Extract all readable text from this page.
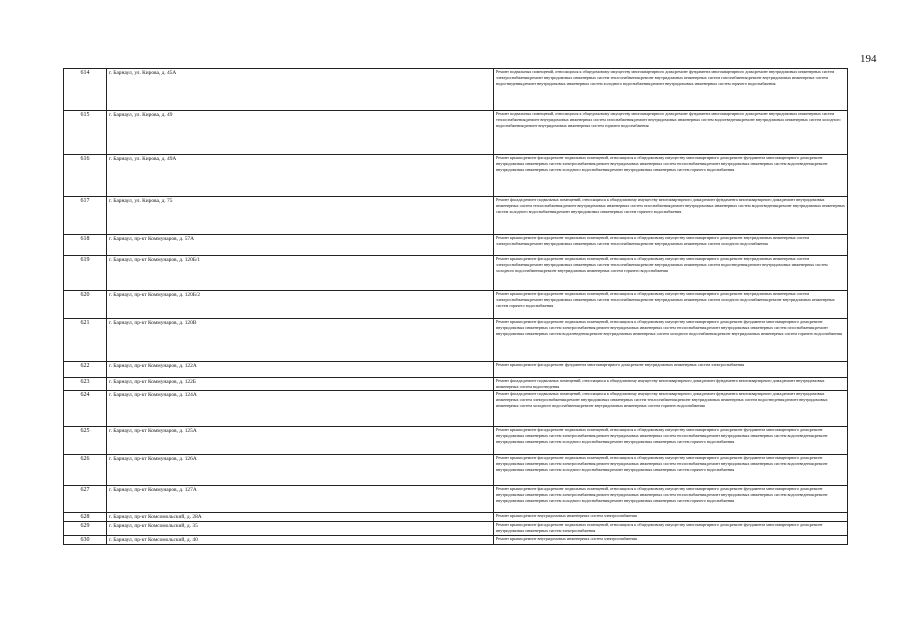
194
614	г. Барнаул, ул. Кирова, д. 45А	Ремонт подвальных помещений, относящихся к общедомовому имуществу многоквартирного дома;ремонт фундамента многоквартирного дома;ремонт внутридомовых инженерных систем электроснабжения;ремонт внутридомовых инженерных систем теплоснабжения;ремонт внутридомовых инженерных систем газоснабжения;ремонт внутридомовых инженерных систем водоотведения;ремонт внутридомовых инженерных систем холодного водоснабжения;ремонт внутридомовых инженерных систем горячего водоснабжения
615	г. Барнаул, ул. Кирова, д. 49	Ремонт подвальных помещений, относящихся к общедомовому имуществу многоквартирного дома;ремонт фундамента многоквартирного дома;ремонт внутридомовых инженерных систем теплоснабжения;ремонт внутридомовых инженерных систем газоснабжения;ремонт внутридомовых инженерных систем водоотведения;ремонт внутридомовых инженерных систем холодного водоснабжения;ремонт внутридомовых инженерных систем горячего водоснабжения
616	г. Барнаул, ул. Кирова, д. 49А	Ремонт крыши;ремонт фасада;ремонт подвальных помещений, относящихся к общедомовому имуществу многоквартирного дома;ремонт фундамента многоквартирного дома;ремонт внутридомовых инженерных систем электроснабжения;ремонт внутридомовых инженерных систем теплоснабжения;ремонт внутридомовых инженерных систем водоотведения;ремонт внутридомовых инженерных систем холодного водоснабжения;ремонт внутридомовых инженерных систем горячего водоснабжения
617	г. Барнаул, ул. Кирова, д. 75	Ремонт фасада;ремонт подвальных помещений, относящихся к общедомовому имуществу многоквартирного дома;ремонт фундамента многоквартирного дома;ремонт внутридомовых инженерных систем теплоснабжения;ремонт внутридомовых инженерных систем газоснабжения;ремонт внутридомовых инженерных систем водоотведения;ремонт внутридомовых инженерных систем холодного водоснабжения;ремонт внутридомовых инженерных систем горячего водоснабжения
618	г. Барнаул, пр-кт Коммунаров, д. 57А	Ремонт крыши;ремонт фасада;ремонт подвальных помещений, относящихся к общедомовому имуществу многоквартирного дома;ремонт внутридомовых инженерных систем электроснабжения;ремонт внутридомовых инженерных систем теплоснабжения;ремонт внутридомовых инженерных систем холодного водоснабжения
619	г. Барнаул, пр-кт Коммунаров, д. 120Б/1	Ремонт крыши;ремонт фасада;ремонт подвальных помещений, относящихся к общедомовому имуществу многоквартирного дома;ремонт внутридомовых инженерных систем электроснабжения;ремонт внутридомовых инженерных систем теплоснабжения;ремонт внутридомовых инженерных систем водоотведения;ремонт внутридомовых инженерных систем холодного водоснабжения;ремонт внутридомовых инженерных систем горячего водоснабжения
620	г. Барнаул, пр-кт Коммунаров, д. 120Б/2	Ремонт крыши;ремонт фасада;ремонт подвальных помещений, относящихся к общедомовому имуществу многоквартирного дома;ремонт внутридомовых инженерных систем электроснабжения;ремонт внутридомовых инженерных систем теплоснабжения;ремонт внутридомовых инженерных систем холодного водоснабжения;ремонт внутридомовых инженерных систем горячего водоснабжения
621	г. Барнаул, пр-кт Коммунаров, д. 120В	Ремонт крыши;ремонт фасада;ремонт подвальных помещений, относящихся к общедомовому имуществу многоквартирного дома;ремонт фундамента многоквартирного дома;ремонт внутридомовых инженерных систем электроснабжения;ремонт внутридомовых инженерных систем теплоснабжения;ремонт внутридомовых инженерных систем газоснабжения;ремонт внутридомовых инженерных систем водоотведения;ремонт внутридомовых инженерных систем холодного водоснабжения;ремонт внутридомовых инженерных систем горячего водоснабжения
622	г. Барнаул, пр-кт Коммунаров, д. 122А	Ремонт крыши;ремонт фасада;ремонт фундамента многоквартирного дома;ремонт внутридомовых инженерных систем электроснабжения
623	г. Барнаул, пр-кт Коммунаров, д. 122Б	Ремонт фасада;ремонт подвальных помещений, относящихся к общедомовому имуществу многоквартирного дома;ремонт фундамента многоквартирного дома;ремонт внутридомовых инженерных систем водоотведения
624	г. Барнаул, пр-кт Коммунаров, д. 124А	Ремонт фасада;ремонт подвальных помещений, относящихся к общедомовому имуществу многоквартирного дома;ремонт фундамента многоквартирного дома;ремонт внутридомовых инженерных систем электроснабжения;ремонт внутридомовых инженерных систем теплоснабжения;ремонт внутридомовых инженерных систем водоотведения;ремонт внутридомовых инженерных систем холодного водоснабжения;ремонт внутридомовых инженерных систем горячего водоснабжения
625	г. Барнаул, пр-кт Коммунаров, д. 125А	Ремонт крыши;ремонт фасада;ремонт подвальных помещений, относящихся к общедомовому имуществу многоквартирного дома;ремонт фундамента многоквартирного дома;ремонт внутридомовых инженерных систем электроснабжения;ремонт внутридомовых инженерных систем теплоснабжения;ремонт внутридомовых инженерных систем водоотведения;ремонт внутридомовых инженерных систем холодного водоснабжения;ремонт внутридомовых инженерных систем горячего водоснабжения
626	г. Барнаул, пр-кт Коммунаров, д. 126А	Ремонт крыши;ремонт фасада;ремонт подвальных помещений, относящихся к общедомовому имуществу многоквартирного дома;ремонт фундамента многоквартирного дома;ремонт внутридомовых инженерных систем электроснабжения;ремонт внутридомовых инженерных систем теплоснабжения;ремонт внутридомовых инженерных систем водоотведения;ремонт внутридомовых инженерных систем холодного водоснабжения;ремонт внутридомовых инженерных систем горячего водоснабжения
627	г. Барнаул, пр-кт Коммунаров, д. 127А	Ремонт крыши;ремонт фасада;ремонт подвальных помещений, относящихся к общедомовому имуществу многоквартирного дома;ремонт фундамента многоквартирного дома;ремонт внутридомовых инженерных систем электроснабжения;ремонт внутридомовых инженерных систем теплоснабжения;ремонт внутридомовых инженерных систем водоотведения;ремонт внутридомовых инженерных систем холодного водоснабжения;ремонт внутридомовых инженерных систем горячего водоснабжения
628	г. Барнаул, пр-кт Комсомольский, д. 28А	Ремонт крыши;ремонт внутридомовых инженерных систем электроснабжения
629	г. Барнаул, пр-кт Комсомольский, д. 35	Ремонт крыши;ремонт фасада;ремонт подвальных помещений, относящихся к общедомовому имуществу многоквартирного дома;ремонт фундамента многоквартирного дома;ремонт внутридомовых инженерных систем электроснабжения
630	г. Барнаул, пр-кт Комсомольский, д. 40	Ремонт крыши;ремонт внутридомовых инженерных систем электроснабжения
